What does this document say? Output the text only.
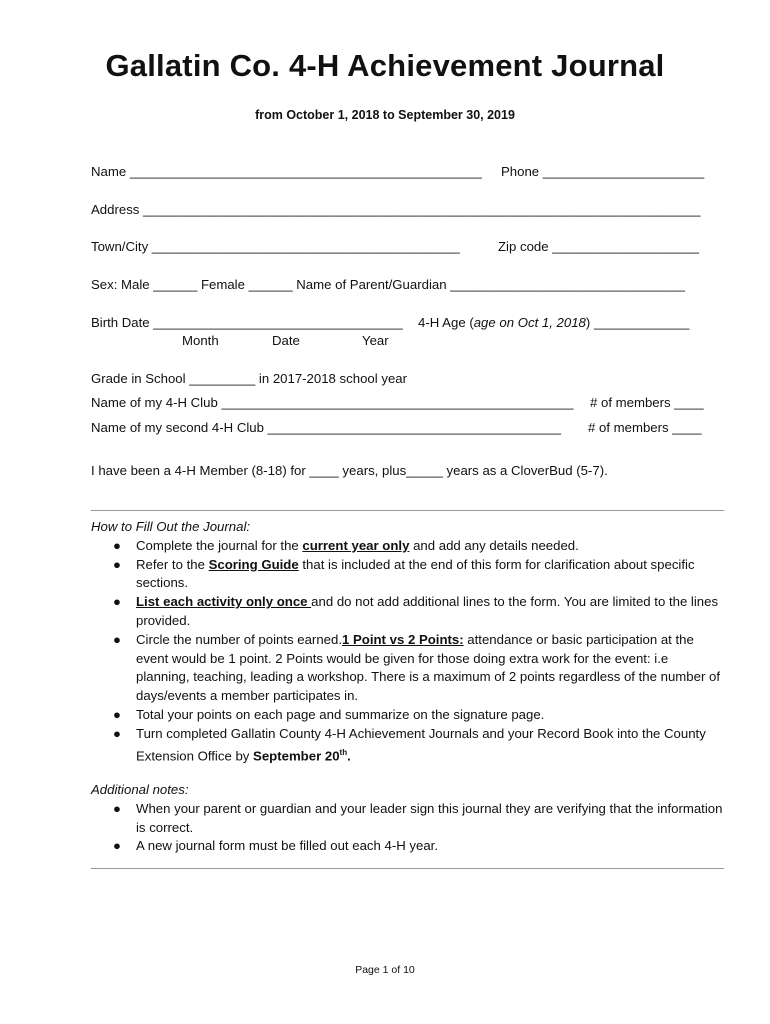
Gallatin Co. 4-H Achievement Journal
from October 1, 2018 to September 30, 2019
Name ________________________________________________ Phone ______________________
Address ____________________________________________________________________________
Town/City __________________________________________	Zip code ____________________
Sex: Male ______ Female ______ Name of Parent/Guardian ________________________________
Birth Date __________________________________ 4-H Age (age on Oct 1, 2018) _____________
Month	Date	Year
Grade in School _________ in 2017-2018 school year
Name of my 4-H Club ________________________________________________ # of members ____
Name of my second 4-H Club ________________________________________ # of members ____
I have been a 4-H Member (8-18) for ____ years, plus_____ years as a CloverBud (5-7).
How to Fill Out the Journal:
● Complete the journal for the current year only and add any details needed.
● Refer to the Scoring Guide that is included at the end of this form for clarification about specific sections.
● List each activity only once and do not add additional lines to the form. You are limited to the lines provided.
● Circle the number of points earned.1 Point vs 2 Points: attendance or basic participation at the event would be 1 point. 2 Points would be given for those doing extra work for the event: i.e planning, teaching, leading a workshop. There is a maximum of 2 points regardless of the number of days/events a member participates in.
● Total your points on each page and summarize on the signature page.
● Turn completed Gallatin County 4-H Achievement Journals and your Record Book into the County Extension Office by September 20th.
Additional notes:
● When your parent or guardian and your leader sign this journal they are verifying that the information is correct.
● A new journal form must be filled out each 4-H year.
Page 1 of 10
